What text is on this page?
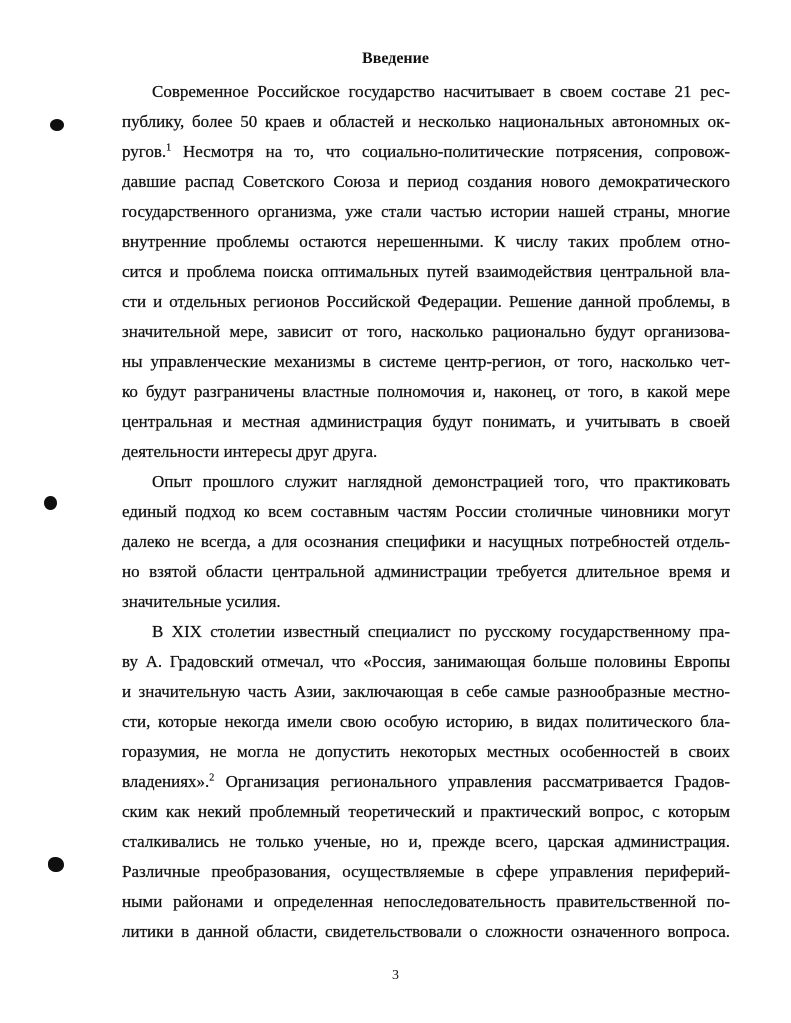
Введение
Современное Российское государство насчитывает в своем составе 21 рес-
публику, более 50 краев и областей и несколько национальных автономных ок-
ругов.$^1$ Несмотря на то, что социально-политические потрясения, сопровож-
давшие распад Советского Союза и период создания нового демократического
государственного организма, уже стали частью истории нашей страны, многие
внутренние проблемы остаются нерешенными. К числу таких проблем отно-
сится и проблема поиска оптимальных путей взаимодействия центральной вла-
сти и отдельных регионов Российской Федерации. Решение данной проблемы, в
значительной мере, зависит от того, насколько рационально будут организова-
ны управленческие механизмы в системе центр-регион, от того, насколько чет-
ко будут разграничены властные полномочия и, наконец, от того, в какой мере
центральная и местная администрация будут понимать, и учитывать в своей
деятельности интересы друг друга.
Опыт прошлого служит наглядной демонстрацией того, что практиковать
единый подход ко всем составным частям России столичные чиновники могут
далеко не всегда, а для осознания специфики и насущных потребностей отдель-
но взятой области центральной администрации требуется длительное время и
значительные усилия.
В XIX столетии известный специалист по русскому государственному пра-
ву А. Градовский отмечал, что «Россия, занимающая больше половины Европы
и значительную часть Азии, заключающая в себе самые разнообразные местно-
сти, которые некогда имели свою особую историю, в видах политического бла-
горазумия, не могла не допустить некоторых местных особенностей в своих
владениях».$^2$ Организация регионального управления рассматривается Градов-
ским как некий проблемный теоретический и практический вопрос, с которым
сталкивались не только ученые, но и, прежде всего, царская администрация.
Различные преобразования, осуществляемые в сфере управления периферий-
ными районами и определенная непоследовательность правительственной по-
литики в данной области, свидетельствовали о сложности означенного вопроса.
3
